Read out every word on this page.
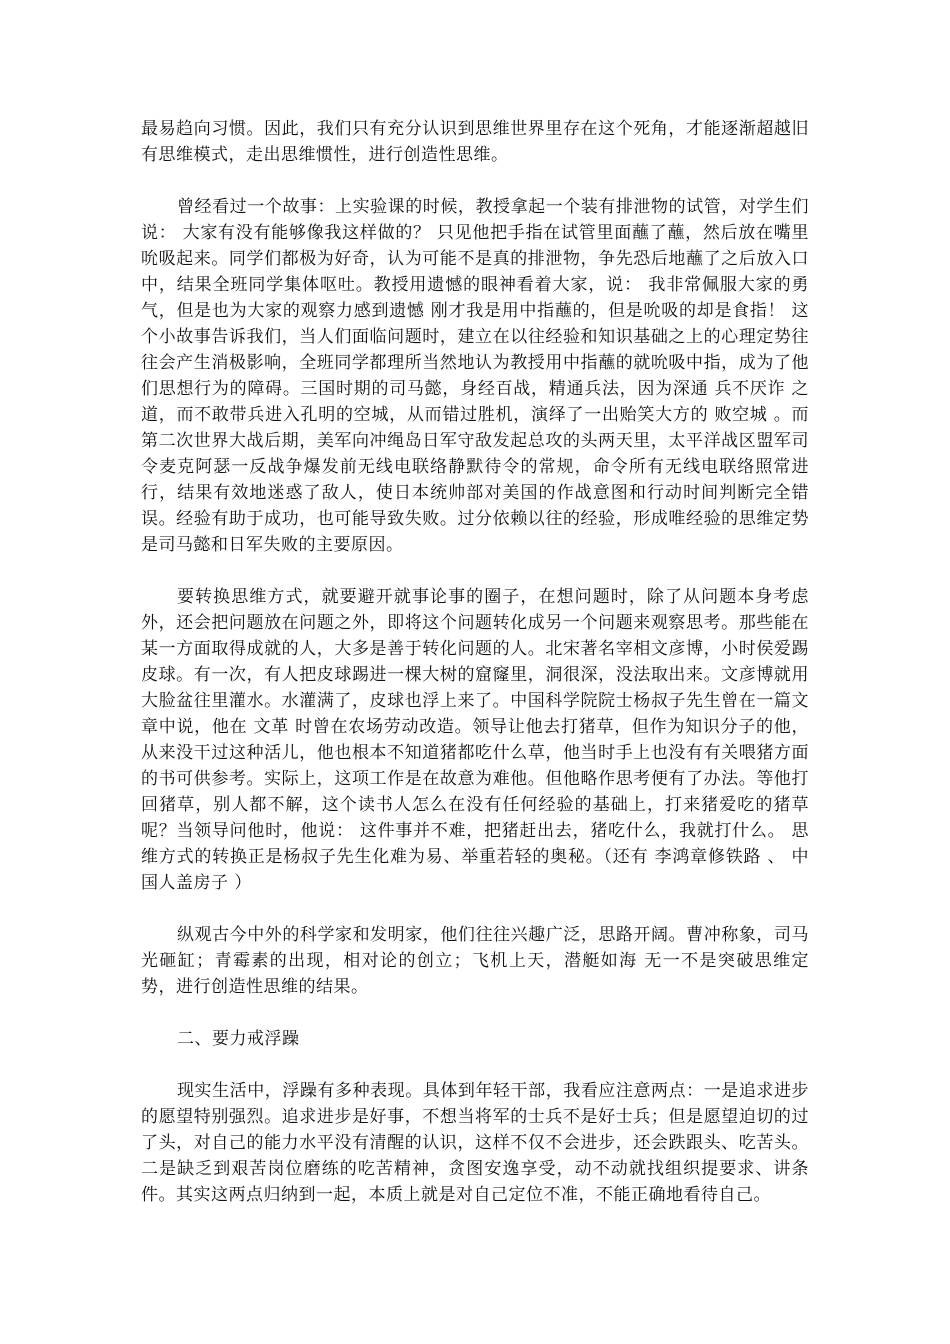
最易趋向习惯。因此，我们只有充分认识到思维世界里存在这个死角，才能逐渐超越旧有思维模式，走出思维惯性，进行创造性思维。

曾经看过一个故事：上实验课的时候，教授拿起一个装有排泄物的试管，对学生们说： 大家有没有能够像我这样做的？ 只见他把手指在试管里面蘸了蘸，然后放在嘴里吮吸起来。同学们都极为好奇，认为可能不是真的排泄物，争先恐后地蘸了之后放入口中，结果全班同学集体呕吐。教授用遗憾的眼神看着大家，说： 我非常佩服大家的勇气，但是也为大家的观察力感到遗憾 刚才我是用中指蘸的，但是吮吸的却是食指！ 这个小故事告诉我们，当人们面临问题时，建立在以往经验和知识基础之上的心理定势往往会产生消极影响，全班同学都理所当然地认为教授用中指蘸的就吮吸中指，成为了他们思想行为的障碍。三国时期的司马懿，身经百战，精通兵法，因为深通 兵不厌诈 之道，而不敢带兵进入孔明的空城，从而错过胜机，演绎了一出贻笑大方的 败空城 。而第二次世界大战后期，美军向冲绳岛日军守敌发起总攻的头两天里，太平洋战区盟军司令麦克阿瑟一反战争爆发前无线电联络静默待令的常规，命令所有无线电联络照常进行，结果有效地迷惑了敌人，使日本统帅部对美国的作战意图和行动时间判断完全错误。经验有助于成功，也可能导致失败。过分依赖以往的经验，形成唯经验的思维定势是司马懿和日军失败的主要原因。

要转换思维方式，就要避开就事论事的圈子，在想问题时，除了从问题本身考虑外，还会把问题放在问题之外，即将这个问题转化成另一个问题来观察思考。那些能在某一方面取得成就的人，大多是善于转化问题的人。北宋著名宰相文彦博，小时侯爱踢皮球。有一次，有人把皮球踢进一棵大树的窟窿里，洞很深，没法取出来。文彦博就用大脸盆往里灌水。水灌满了，皮球也浮上来了。中国科学院院士杨叔子先生曾在一篇文章中说，他在 文革 时曾在农场劳动改造。领导让他去打猪草，但作为知识分子的他，从来没干过这种活儿，他也根本不知道猪都吃什么草，他当时手上也没有有关喂猪方面的书可供参考。实际上，这项工作是在故意为难他。但他略作思考便有了办法。等他打回猪草，别人都不解，这个读书人怎么在没有任何经验的基础上，打来猪爱吃的猪草呢？当领导问他时，他说： 这件事并不难，把猪赶出去，猪吃什么，我就打什么。 思维方式的转换正是杨叔子先生化难为易、举重若轻的奥秘。（还有 李鸿章修铁路 、 中国人盖房子 ）

纵观古今中外的科学家和发明家，他们往往兴趣广泛，思路开阔。曹冲称象，司马光砸缸；青霉素的出现，相对论的创立；飞机上天，潜艇如海 无一不是突破思维定势，进行创造性思维的结果。

二、要力戒浮躁

现实生活中，浮躁有多种表现。具体到年轻干部，我看应注意两点：一是追求进步的愿望特别强烈。追求进步是好事，不想当将军的士兵不是好士兵；但是愿望迫切的过了头，对自己的能力水平没有清醒的认识，这样不仅不会进步，还会跌跟头、吃苦头。二是缺乏到艰苦岗位磨练的吃苦精神，贪图安逸享受，动不动就找组织提要求、讲条件。其实这两点归纳到一起，本质上就是对自己定位不准，不能正确地看待自己。
